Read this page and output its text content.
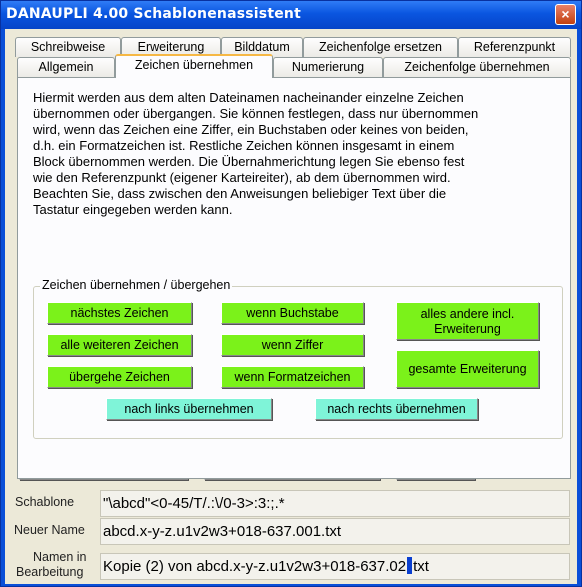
DANAUPLI 4.00 Schablonenassistent	×
Schreibweise	Erweiterung	Bilddatum	Zeichenfolge ersetzen	Referenzpunkt
Allgemein	Zeichen übernehmen	Numerierung	Zeichenfolge übernehmen
Hiermit werden aus dem alten Dateinamen nacheinander einzelne Zeichen
übernommen oder übergangen. Sie können festlegen, dass nur übernommen
wird, wenn das Zeichen eine Ziffer, ein Buchstaben oder keines von beiden,
d.h. ein Formatzeichen ist. Restliche Zeichen können insgesamt in einem
Block übernommen werden. Die Übernahmerichtung legen Sie ebenso fest
wie den Referenzpunkt (eigener Karteireiter), ab dem übernommen wird.
Beachten Sie, dass zwischen den Anweisungen beliebiger Text über die
Tastatur eingegeben werden kann.
Zeichen übernehmen / übergehen
nächstes Zeichen
alle weiteren Zeichen
übergehe Zeichen
wenn Buchstabe
wenn Ziffer
wenn Formatzeichen
alles andere incl.
Erweiterung
gesamte Erweiterung
nach links übernehmen	nach rechts übernehmen
Schablone "\abcd"<0-45/T/.:\/0-3>:3:;.*
Neuer Name abcd.x-y-z.u1v2w3+018-637.001.txt
Namen in
Bearbeitung Kopie (2) von abcd.x-y-z.u1v2w3+018-637.02 txt
